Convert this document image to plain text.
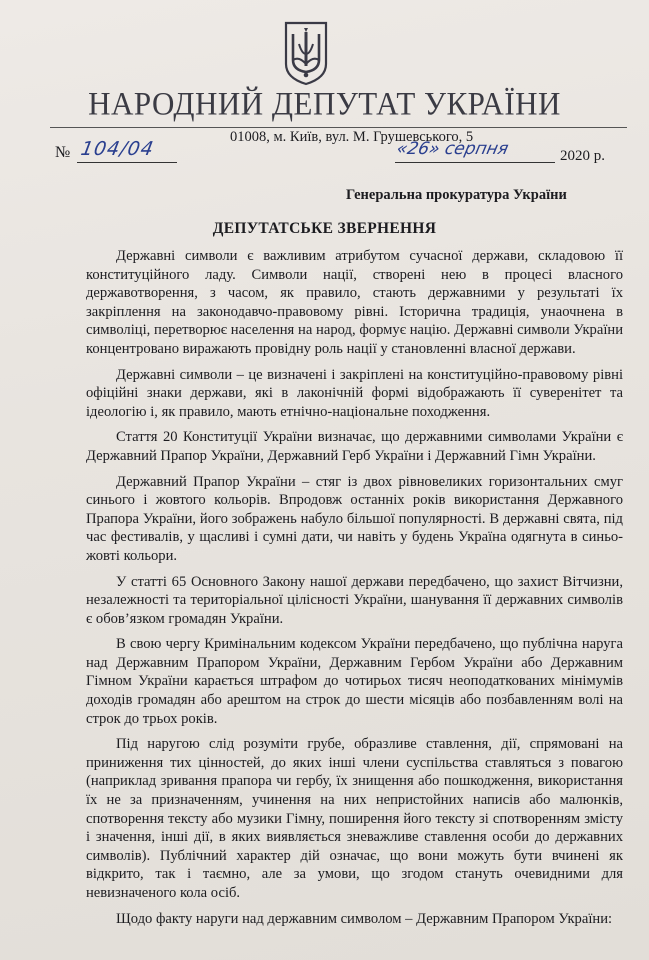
НАРОДНИЙ ДЕПУТАТ УКРАЇНИ
01008, м. Київ, вул. М. Грушевського, 5
№ 104/04	«26» серпня	2020 р.
Генеральна прокуратура України
ДЕПУТАТСЬКЕ ЗВЕРНЕННЯ

Державні символи є важливим атрибутом сучасної держави, складовою її конституційного ладу. Символи нації, створені нею в процесі власного державотворення, з часом, як правило, стають державними у результаті їх закріплення на законодавчо-правовому рівні. Історична традиція, унаочнена в символіці, перетворює населення на народ, формує націю. Державні символи України концентровано виражають провідну роль нації у становленні власної держави.

Державні символи – це визначені і закріплені на конституційно-правовому рівні офіційні знаки держави, які в лаконічній формі відображають її суверенітет та ідеологію і, як правило, мають етнічно-національне походження.

Стаття 20 Конституції України визначає, що державними символами України є Державний Прапор України, Державний Герб України і Державний Гімн України.

Державний Прапор України – стяг із двох рівновеликих горизонтальних смуг синього і жовтого кольорів. Впродовж останніх років використання Державного Прапора України, його зображень набуло більшої популярності. В державні свята, під час фестивалів, у щасливі і сумні дати, чи навіть у будень Україна одягнута в синьо-жовті кольори.

У статті 65 Основного Закону нашої держави передбачено, що захист Вітчизни, незалежності та територіальної цілісності України, шанування її державних символів є обов’язком громадян України.

В свою чергу Кримінальним кодексом України передбачено, що публічна наруга над Державним Прапором України, Державним Гербом України або Державним Гімном України карається штрафом до чотирьох тисяч неоподаткованих мінімумів доходів громадян або арештом на строк до шести місяців або позбавленням волі на строк до трьох років.

Під наругою слід розуміти грубе, образливе ставлення, дії, спрямовані на приниження тих цінностей, до яких інші члени суспільства ставляться з повагою (наприклад зривання прапора чи гербу, їх знищення або пошкодження, використання їх не за призначенням, учинення на них непристойних написів або малюнків, спотворення тексту або музики Гімну, поширення його тексту зі спотворенням змісту і значення, інші дії, в яких виявляється зневажливе ставлення особи до державних символів). Публічний характер дій означає, що вони можуть бути вчинені як відкрито, так і таємно, але за умови, що згодом стануть очевидними для невизначеного кола осіб.

Щодо факту наруги над державним символом – Державним Прапором України:
